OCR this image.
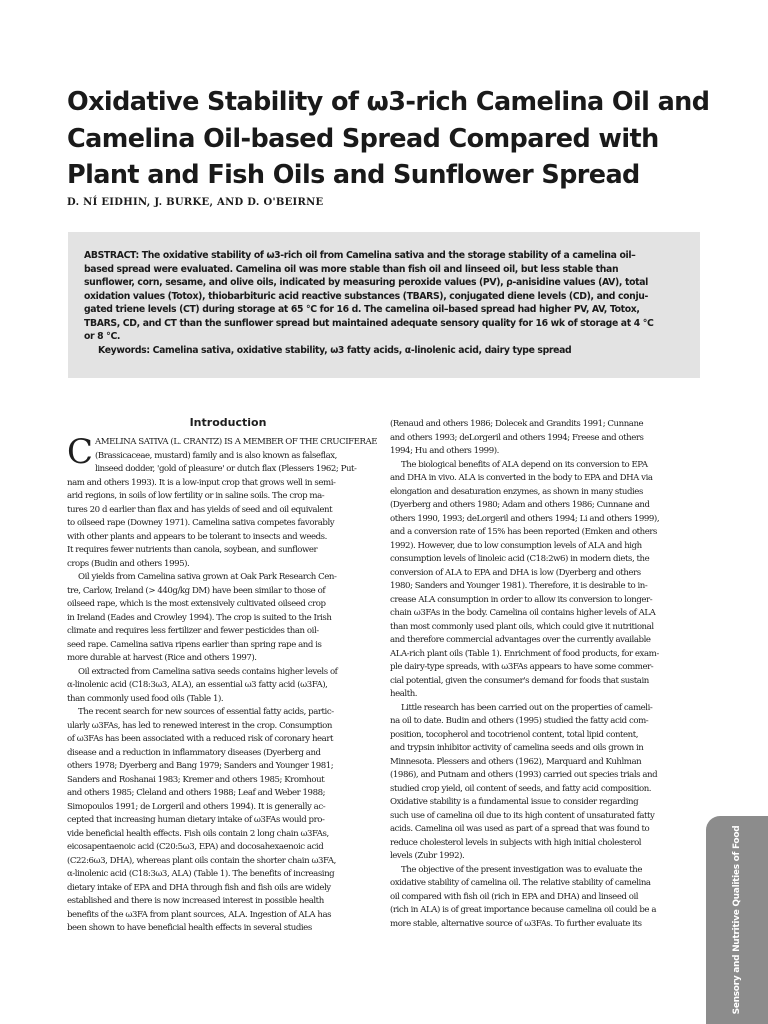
Oxidative Stability of ω3-rich Camelina Oil and
Camelina Oil-based Spread Compared with
Plant and Fish Oils and Sunflower Spread

D. NÍ EIDHIN, J. BURKE, AND D. O'BEIRNE

ABSTRACT: The oxidative stability of ω3-rich oil from Camelina sativa and the storage stability of a camelina oil–

based spread were evaluated. Camelina oil was more stable than fish oil and linseed oil, but less stable than

sunflower, corn, sesame, and olive oils, indicated by measuring peroxide values (PV), ρ-anisidine values (AV), total

oxidation values (Totox), thiobarbituric acid reactive substances (TBARS), conjugated diene levels (CD), and conju-

gated triene levels (CT) during storage at 65 °C for 16 d. The camelina oil–based spread had higher PV, AV, Totox,

TBARS, CD, and CT than the sunflower spread but maintained adequate sensory quality for 16 wk of storage at 4 °C

or 8 °C.

Keywords: Camelina sativa, oxidative stability, ω3 fatty acids, α-linolenic acid, dairy type spread

Introduction
C AMELINA SATIVA (L. CRANTZ) IS A MEMBER OF THE CRUCIFERAE

(Brassicaceae, mustard) family and is also known as falseflax,

linseed dodder, 'gold of pleasure' or dutch flax (Plessers 1962; Put-

nam and others 1993). It is a low-input crop that grows well in semi-

arid regions, in soils of low fertility or in saline soils. The crop ma-

tures 20 d earlier than flax and has yields of seed and oil equivalent

to oilseed rape (Downey 1971). Camelina sativa competes favorably

with other plants and appears to be tolerant to insects and weeds.

It requires fewer nutrients than canola, soybean, and sunflower

crops (Budin and others 1995).

Oil yields from Camelina sativa grown at Oak Park Research Cen-

tre, Carlow, Ireland (> 440g/kg DM) have been similar to those of

oilseed rape, which is the most extensively cultivated oilseed crop

in Ireland (Eades and Crowley 1994). The crop is suited to the Irish

climate and requires less fertilizer and fewer pesticides than oil-

seed rape. Camelina sativa ripens earlier than spring rape and is

more durable at harvest (Rice and others 1997).

Oil extracted from Camelina sativa seeds contains higher levels of

α-linolenic acid (C18:3ω3, ALA), an essential ω3 fatty acid (ω3FA),

than commonly used food oils (Table 1).

The recent search for new sources of essential fatty acids, partic-

ularly ω3FAs, has led to renewed interest in the crop. Consumption

of ω3FAs has been associated with a reduced risk of coronary heart

disease and a reduction in inflammatory diseases (Dyerberg and

others 1978; Dyerberg and Bang 1979; Sanders and Younger 1981;

Sanders and Roshanai 1983; Kremer and others 1985; Kromhout

and others 1985; Cleland and others 1988; Leaf and Weber 1988;

Simopoulos 1991; de Lorgeril and others 1994). It is generally ac-

cepted that increasing human dietary intake of ω3FAs would pro-

vide beneficial health effects. Fish oils contain 2 long chain ω3FAs,

eicosapentaenoic acid (C20:5ω3, EPA) and docosahexaenoic acid

(C22:6ω3, DHA), whereas plant oils contain the shorter chain ω3FA,

α-linolenic acid (C18:3ω3, ALA) (Table 1). The benefits of increasing

dietary intake of EPA and DHA through fish and fish oils are widely

established and there is now increased interest in possible health

benefits of the ω3FA from plant sources, ALA. Ingestion of ALA has

been shown to have beneficial health effects in several studies

(Renaud and others 1986; Dolecek and Grandits 1991; Cunnane

and others 1993; deLorgeril and others 1994; Freese and others

1994; Hu and others 1999).

The biological benefits of ALA depend on its conversion to EPA

and DHA in vivo. ALA is converted in the body to EPA and DHA via

elongation and desaturation enzymes, as shown in many studies

(Dyerberg and others 1980; Adam and others 1986; Cunnane and

others 1990, 1993; deLorgeril and others 1994; Li and others 1999),

and a conversion rate of 15% has been reported (Emken and others

1992). However, due to low consumption levels of ALA and high

consumption levels of linoleic acid (C18:2w6) in modern diets, the

conversion of ALA to EPA and DHA is low (Dyerberg and others

1980; Sanders and Younger 1981). Therefore, it is desirable to in-

crease ALA consumption in order to allow its conversion to longer-

chain ω3FAs in the body. Camelina oil contains higher levels of ALA

than most commonly used plant oils, which could give it nutritional

and therefore commercial advantages over the currently available

ALA-rich plant oils (Table 1). Enrichment of food products, for exam-

ple dairy-type spreads, with ω3FAs appears to have some commer-

cial potential, given the consumer's demand for foods that sustain

health.

Little research has been carried out on the properties of cameli-

na oil to date. Budin and others (1995) studied the fatty acid com-

position, tocopherol and tocotrienol content, total lipid content,

and trypsin inhibitor activity of camelina seeds and oils grown in

Minnesota. Plessers and others (1962), Marquard and Kuhlman

(1986), and Putnam and others (1993) carried out species trials and

studied crop yield, oil content of seeds, and fatty acid composition.

Oxidative stability is a fundamental issue to consider regarding

such use of camelina oil due to its high content of unsaturated fatty

acids. Camelina oil was used as part of a spread that was found to

reduce cholesterol levels in subjects with high initial cholesterol

levels (Zubr 1992).

The objective of the present investigation was to evaluate the

oxidative stability of camelina oil. The relative stability of camelina

oil compared with fish oil (rich in EPA and DHA) and linseed oil

(rich in ALA) is of great importance because camelina oil could be a

more stable, alternative source of ω3FAs. To further evaluate its	Sensory and Nutritive Qualities of Food
